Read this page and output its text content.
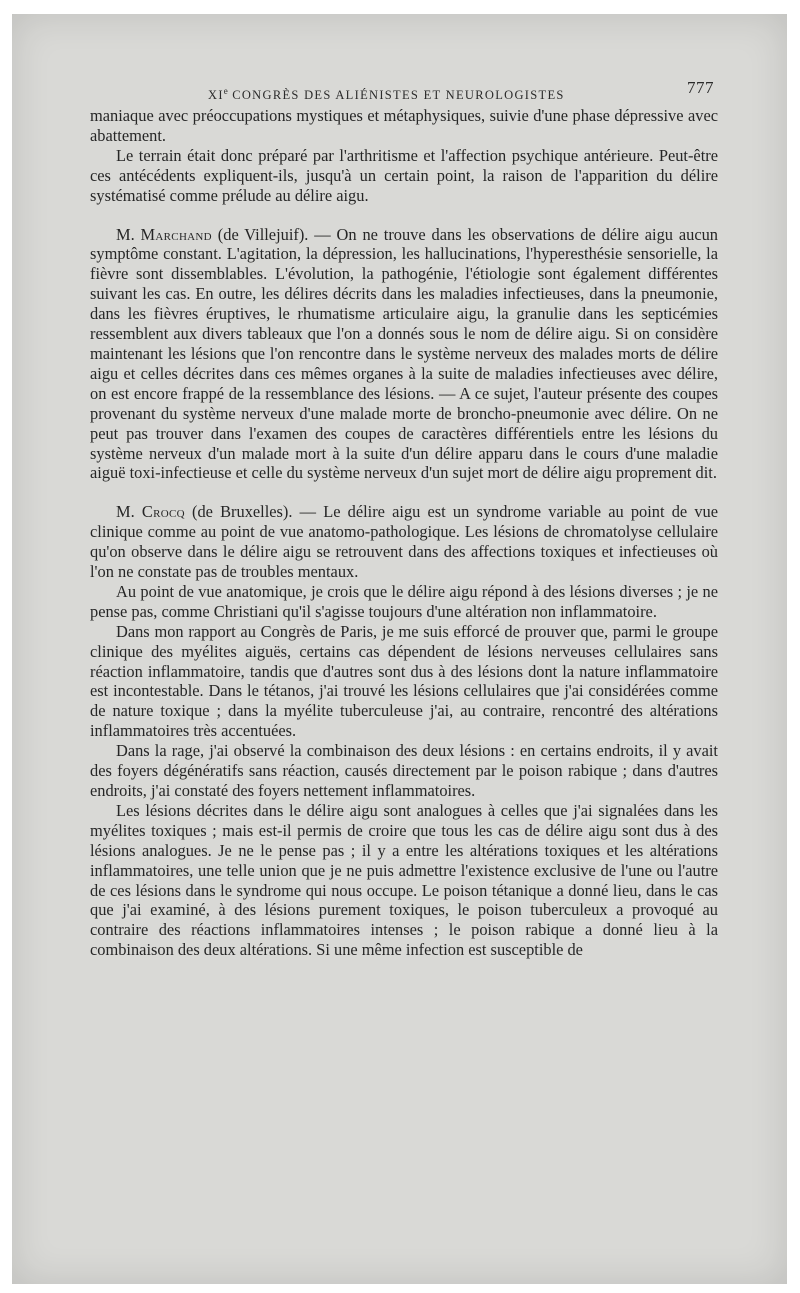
XIe CONGRÈS DES ALIÉNISTES ET NEUROLOGISTES	777

maniaque avec préoccupations mystiques et métaphysiques, suivie d'une phase dépressive avec abattement.

Le terrain était donc préparé par l'arthritisme et l'affection psychique antérieure. Peut-être ces antécédents expliquent-ils, jusqu'à un certain point, la raison de l'apparition du délire systématisé comme prélude au délire aigu.

M. Marchand (de Villejuif). — On ne trouve dans les observations de délire aigu aucun symptôme constant. L'agitation, la dépression, les hallucinations, l'hyperesthésie sensorielle, la fièvre sont dissemblables. L'évolution, la pathogénie, l'étiologie sont également différentes suivant les cas. En outre, les délires décrits dans les maladies infectieuses, dans la pneumonie, dans les fièvres éruptives, le rhumatisme articulaire aigu, la granulie dans les septicémies ressemblent aux divers tableaux que l'on a donnés sous le nom de délire aigu. Si on considère maintenant les lésions que l'on rencontre dans le système nerveux des malades morts de délire aigu et celles décrites dans ces mêmes organes à la suite de maladies infectieuses avec délire, on est encore frappé de la ressemblance des lésions. — A ce sujet, l'auteur présente des coupes provenant du système nerveux d'une malade morte de broncho-pneumonie avec délire. On ne peut pas trouver dans l'examen des coupes de caractères différentiels entre les lésions du système nerveux d'un malade mort à la suite d'un délire apparu dans le cours d'une maladie aiguë toxi-infectieuse et celle du système nerveux d'un sujet mort de délire aigu proprement dit.

M. Crocq (de Bruxelles). — Le délire aigu est un syndrome variable au point de vue clinique comme au point de vue anatomo-pathologique. Les lésions de chromatolyse cellulaire qu'on observe dans le délire aigu se retrouvent dans des affections toxiques et infectieuses où l'on ne constate pas de troubles mentaux.

Au point de vue anatomique, je crois que le délire aigu répond à des lésions diverses ; je ne pense pas, comme Christiani qu'il s'agisse toujours d'une altération non inflammatoire.

Dans mon rapport au Congrès de Paris, je me suis efforcé de prouver que, parmi le groupe clinique des myélites aiguës, certains cas dépendent de lésions nerveuses cellulaires sans réaction inflammatoire, tandis que d'autres sont dus à des lésions dont la nature inflammatoire est incontestable. Dans le tétanos, j'ai trouvé les lésions cellulaires que j'ai considérées comme de nature toxique ; dans la myélite tuberculeuse j'ai, au contraire, rencontré des altérations inflammatoires très accentuées.

Dans la rage, j'ai observé la combinaison des deux lésions : en certains endroits, il y avait des foyers dégénératifs sans réaction, causés directement par le poison rabique ; dans d'autres endroits, j'ai constaté des foyers nettement inflammatoires.

Les lésions décrites dans le délire aigu sont analogues à celles que j'ai signalées dans les myélites toxiques ; mais est-il permis de croire que tous les cas de délire aigu sont dus à des lésions analogues. Je ne le pense pas ; il y a entre les altérations toxiques et les altérations inflammatoires, une telle union que je ne puis admettre l'existence exclusive de l'une ou l'autre de ces lésions dans le syndrome qui nous occupe. Le poison tétanique a donné lieu, dans le cas que j'ai examiné, à des lésions purement toxiques, le poison tuberculeux a provoqué au contraire des réactions inflammatoires intenses ; le poison rabique a donné lieu à la combinaison des deux altérations. Si une même infection est susceptible de
